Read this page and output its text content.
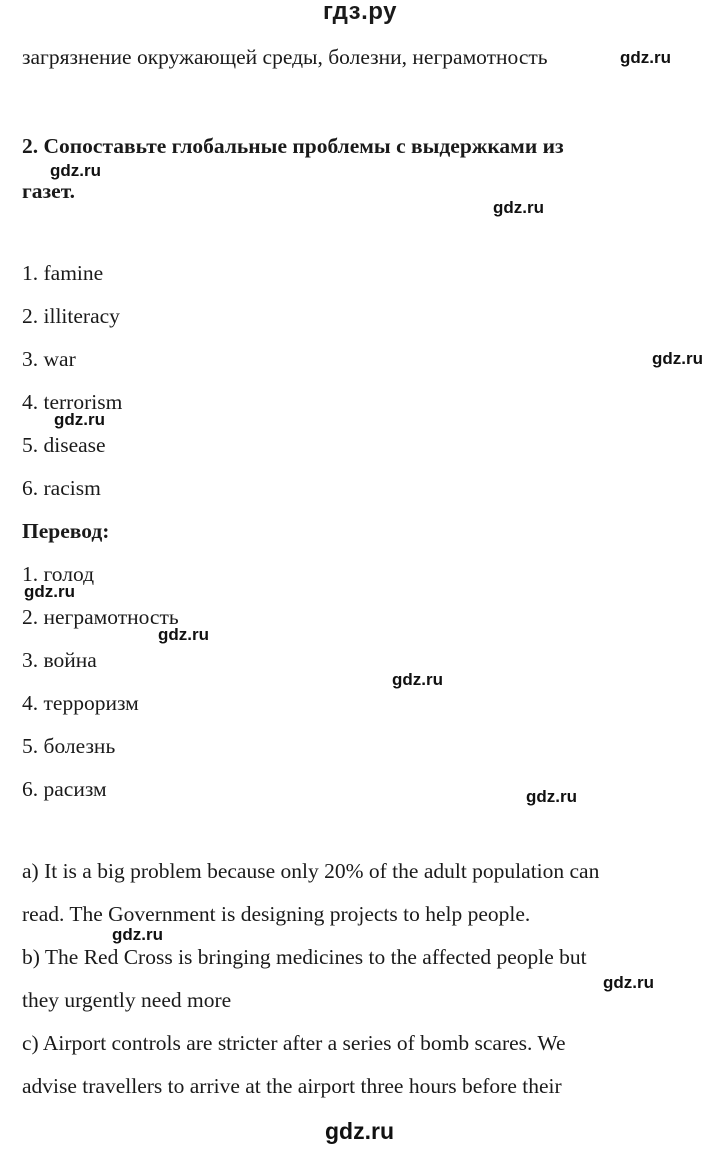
гдз.ру
загрязнение окружающей среды, болезни, неграмотность
2. Сопоставьте глобальные проблемы с выдержками из
газет.
1. famine
2. illiteracy
3. war
4. terrorism
5. disease
6. racism
Перевод:
1. голод
2. неграмотность
3. война
4. терроризм
5. болезнь
6. расизм
a) It is a big problem because only 20% of the adult population can
read. The Government is designing projects to help people.
b) The Red Cross is bringing medicines to the affected people but
they urgently need more
c) Airport controls are stricter after a series of bomb scares. We
advise travellers to arrive at the airport three hours before their
gdz.ru
gdz.ru
gdz.ru
gdz.ru
gdz.ru
gdz.ru
gdz.ru
gdz.ru
gdz.ru
gdz.ru
gdz.ru
gdz.ru
